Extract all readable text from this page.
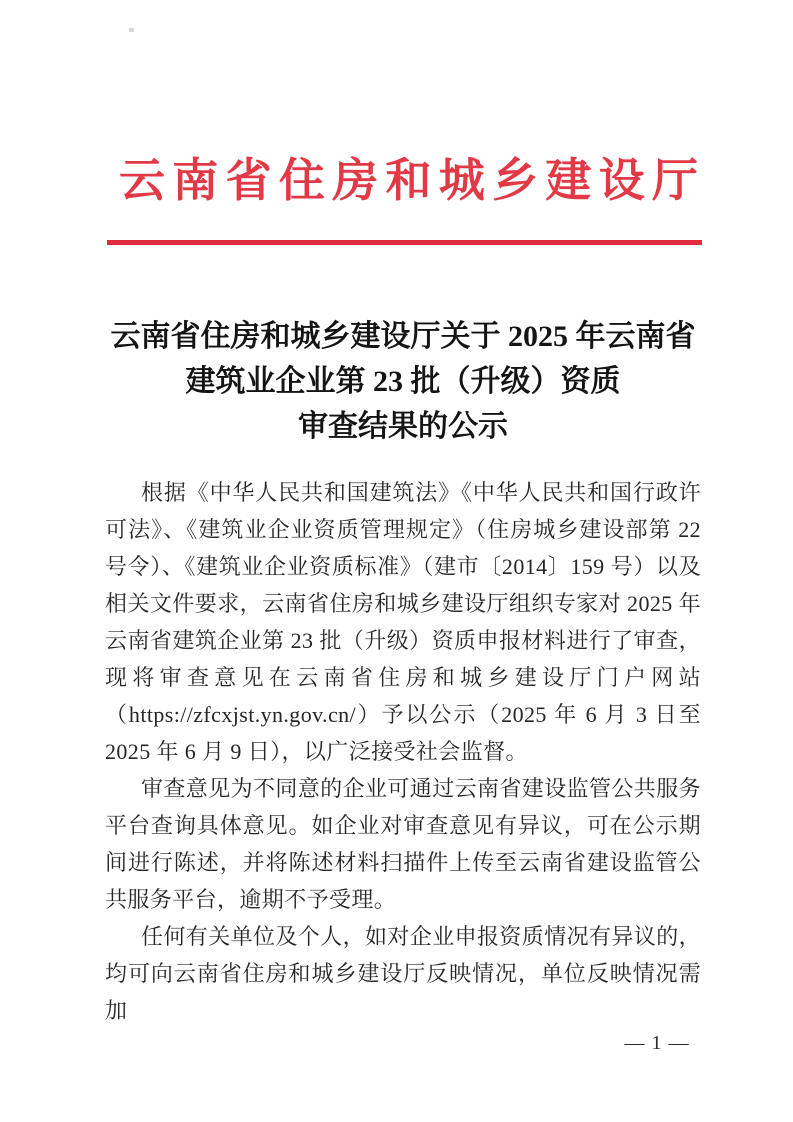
云南省住房和城乡建设厅
云南省住房和城乡建设厅关于 2025 年云南省
建筑业企业第 23 批（升级）资质
审查结果的公示

根据《中华人民共和国建筑法》《中华人民共和国行政许可法》、《建筑业企业资质管理规定》（住房城乡建设部第 22 号令）、《建筑业企业资质标准》（建市〔2014〕159 号）以及相关文件要求，云南省住房和城乡建设厅组织专家对 2025 年云南省建筑企业第 23 批（升级）资质申报材料进行了审查，现将审查意见在云南省住房和城乡建设厅门户网站（https://zfcxjst.yn.gov.cn/）予以公示（2025 年 6 月 3 日至 2025 年 6 月 9 日），以广泛接受社会监督。

审查意见为不同意的企业可通过云南省建设监管公共服务平台查询具体意见。如企业对审查意见有异议，可在公示期间进行陈述，并将陈述材料扫描件上传至云南省建设监管公共服务平台，逾期不予受理。

任何有关单位及个人，如对企业申报资质情况有异议的，均可向云南省住房和城乡建设厅反映情况，单位反映情况需加

— 1 —
